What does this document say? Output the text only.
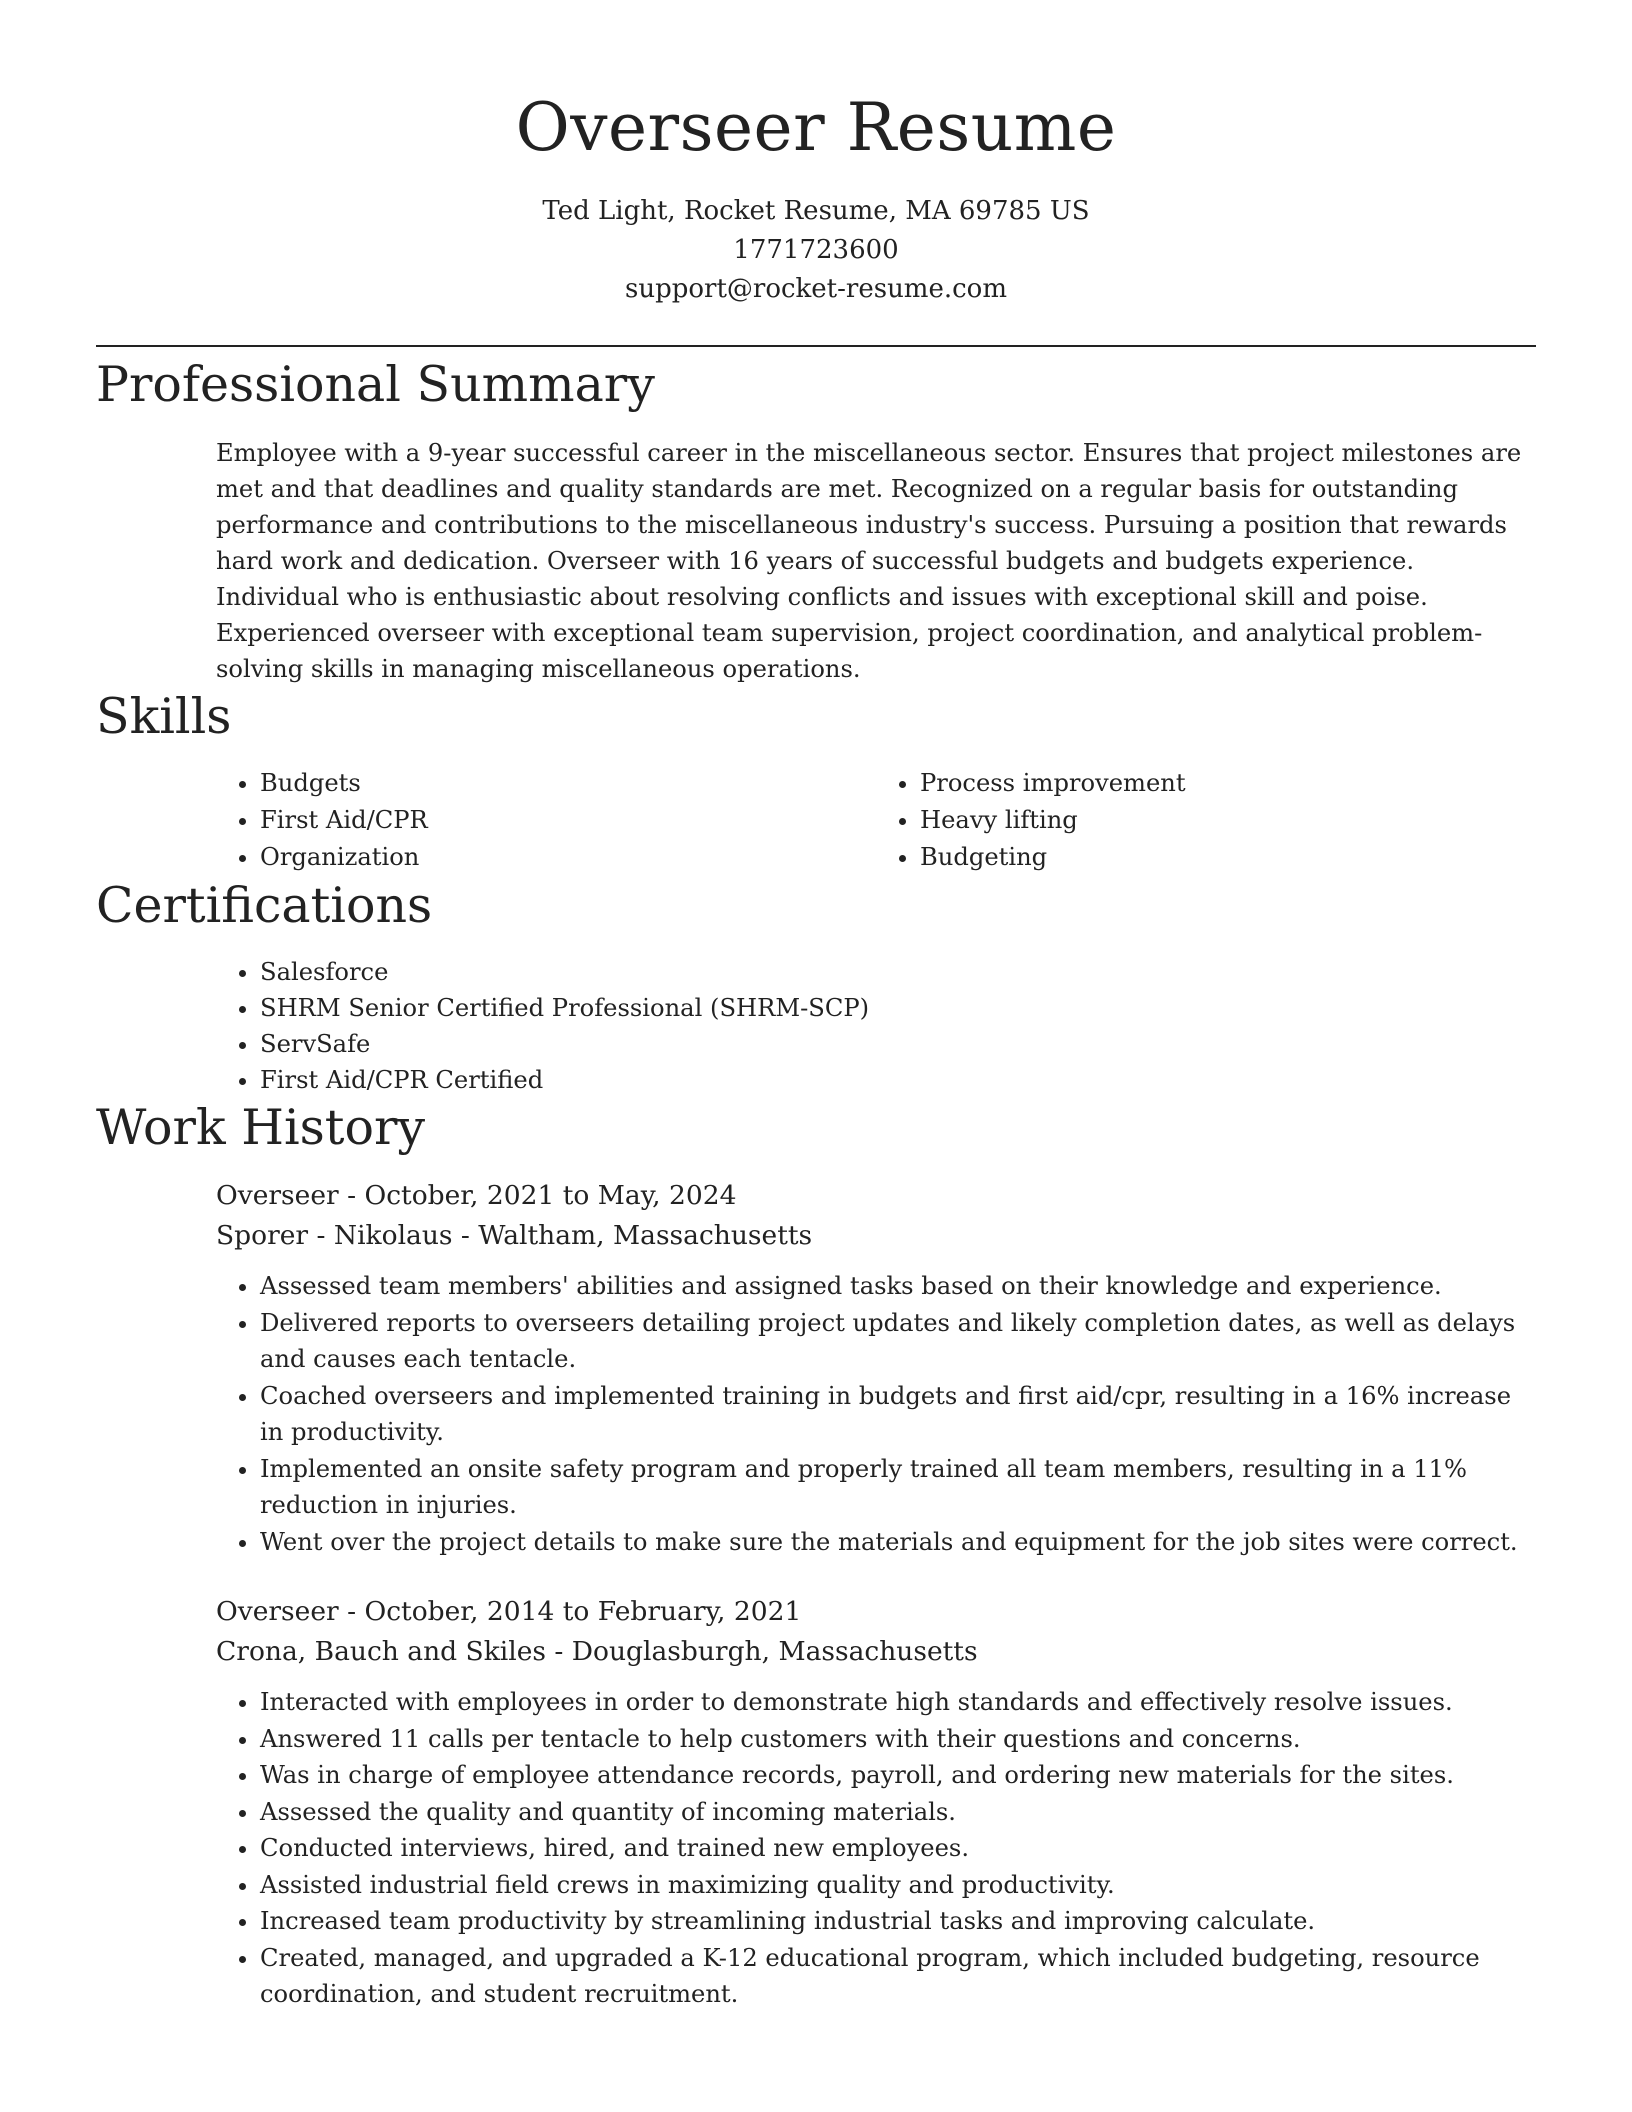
Overseer Resume
Ted Light, Rocket Resume, MA 69785 US
1771723600
support@rocket-resume.com
Professional Summary

Employee with a 9-year successful career in the miscellaneous sector. Ensures that project milestones are met and that deadlines and quality standards are met. Recognized on a regular basis for outstanding performance and contributions to the miscellaneous industry's success. Pursuing a position that rewards hard work and dedication. Overseer with 16 years of successful budgets and budgets experience. Individual who is enthusiastic about resolving conflicts and issues with exceptional skill and poise. Experienced overseer with exceptional team supervision, project coordination, and analytical problem-solving skills in managing miscellaneous operations.

Skills
• Budgets
• First Aid/CPR
• Organization
• Process improvement
• Heavy lifting
• Budgeting
Certifications
• Salesforce
• SHRM Senior Certified Professional (SHRM-SCP)
• ServSafe
• First Aid/CPR Certified
Work History
Overseer - October, 2021 to May, 2024
Sporer - Nikolaus - Waltham, Massachusetts
• Assessed team members' abilities and assigned tasks based on their knowledge and experience.
• Delivered reports to overseers detailing project updates and likely completion dates, as well as delays and causes each tentacle.
• Coached overseers and implemented training in budgets and first aid/cpr, resulting in a 16% increase in productivity.
• Implemented an onsite safety program and properly trained all team members, resulting in a 11% reduction in injuries.
• Went over the project details to make sure the materials and equipment for the job sites were correct.
Overseer - October, 2014 to February, 2021
Crona, Bauch and Skiles - Douglasburgh, Massachusetts
• Interacted with employees in order to demonstrate high standards and effectively resolve issues.
• Answered 11 calls per tentacle to help customers with their questions and concerns.
• Was in charge of employee attendance records, payroll, and ordering new materials for the sites.
• Assessed the quality and quantity of incoming materials.
• Conducted interviews, hired, and trained new employees.
• Assisted industrial field crews in maximizing quality and productivity.
• Increased team productivity by streamlining industrial tasks and improving calculate.
• Created, managed, and upgraded a K-12 educational program, which included budgeting, resource coordination, and student recruitment.
